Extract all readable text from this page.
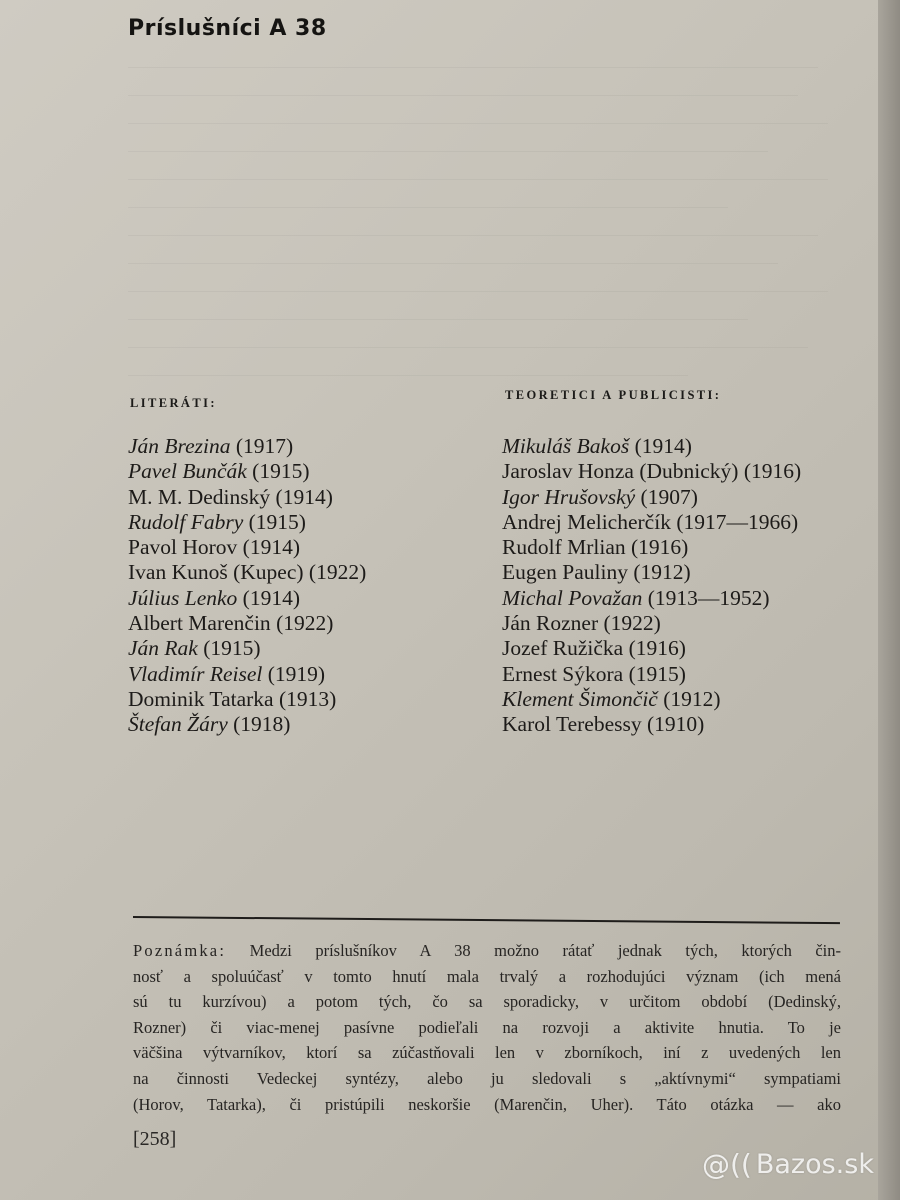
Príslušníci A 38
LITERÁTI:
TEORETICI A PUBLICISTI:
Ján Brezina (1917)
Pavel Bunčák (1915)
M. M. Dedinský (1914)
Rudolf Fabry (1915)
Pavol Horov (1914)
Ivan Kunoš (Kupec) (1922)
Július Lenko (1914)
Albert Marenčin (1922)
Ján Rak (1915)
Vladimír Reisel (1919)
Dominik Tatarka (1913)
Štefan Žáry (1918)
Mikuláš Bakoš (1914)
Jaroslav Honza (Dubnický) (1916)
Igor Hrušovský (1907)
Andrej Melicherčík (1917—1966)
Rudolf Mrlian (1916)
Eugen Pauliny (1912)
Michal Považan (1913—1952)
Ján Rozner (1922)
Jozef Ružička (1916)
Ernest Sýkora (1915)
Klement Šimončič (1912)
Karol Terebessy (1910)
Poznámka: Medzi príslušníkov A 38 možno rátať jednak tých, ktorých čin-
nosť a spoluúčasť v tomto hnutí mala trvalý a rozhodujúci význam (ich mená
sú tu kurzívou) a potom tých, čo sa sporadicky, v určitom období (Dedinský,
Rozner) či viac-menej pasívne podieľali na rozvoji a aktivite hnutia. To je
väčšina výtvarníkov, ktorí sa zúčastňovali len v zborníkoch, iní z uvedených len
na činnosti Vedeckej syntézy, alebo ju sledovali s „aktívnymi“ sympatiami
(Horov, Tatarka), či pristúpili neskoršie (Marenčin, Uher). Táto otázka — ako
[258]
@(( Bazos.sk
